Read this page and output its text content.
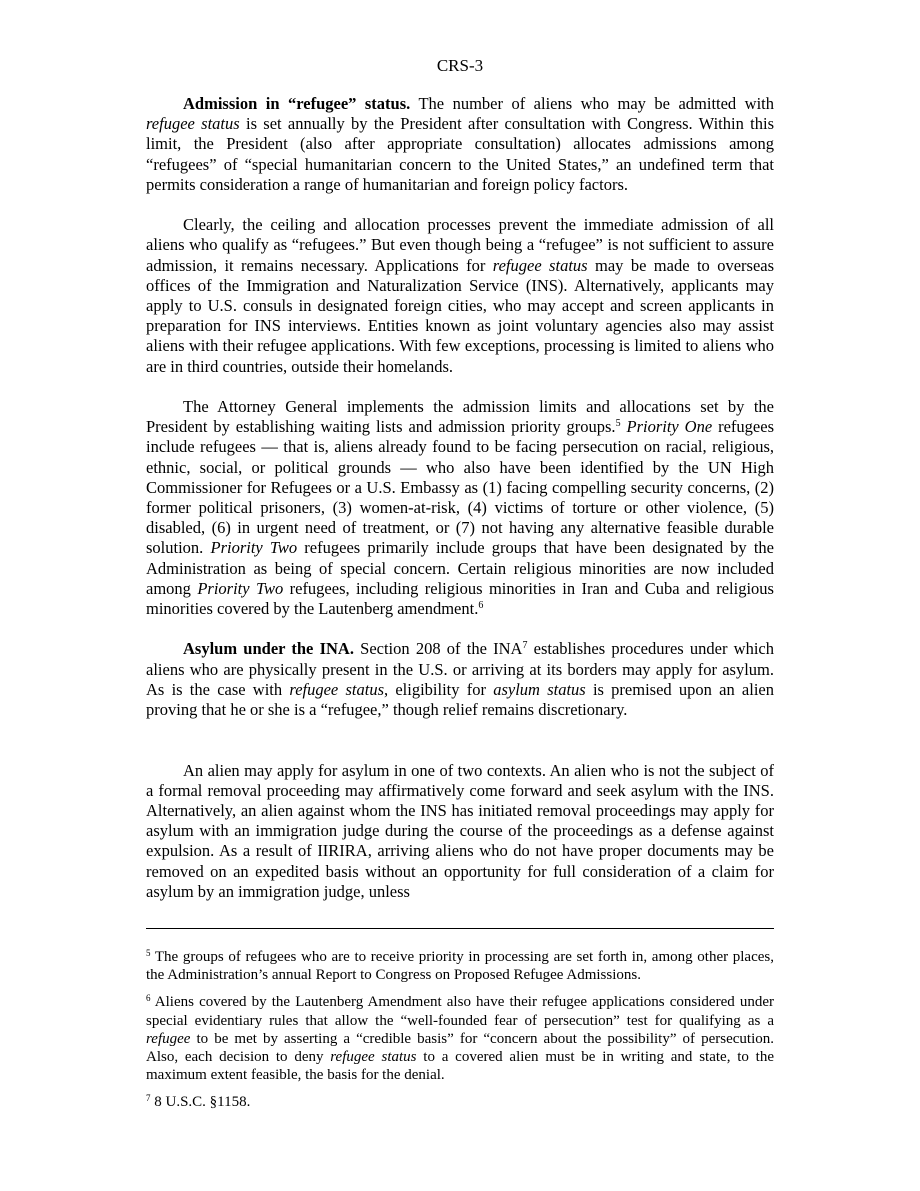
CRS-3

Admission in “refugee” status. The number of aliens who may be admitted with refugee status is set annually by the President after consultation with Congress. Within this limit, the President (also after appropriate consultation) allocates admissions among “refugees” of “special humanitarian concern to the United States,” an undefined term that permits consideration a range of humanitarian and foreign policy factors.

Clearly, the ceiling and allocation processes prevent the immediate admission of all aliens who qualify as “refugees.” But even though being a “refugee” is not sufficient to assure admission, it remains necessary. Applications for refugee status may be made to overseas offices of the Immigration and Naturalization Service (INS). Alternatively, applicants may apply to U.S. consuls in designated foreign cities, who may accept and screen applicants in preparation for INS interviews. Entities known as joint voluntary agencies also may assist aliens with their refugee applications. With few exceptions, processing is limited to aliens who are in third countries, outside their homelands.

The Attorney General implements the admission limits and allocations set by the President by establishing waiting lists and admission priority groups.$^5$ Priority One refugees include refugees — that is, aliens already found to be facing persecution on racial, religious, ethnic, social, or political grounds — who also have been identified by the UN High Commissioner for Refugees or a U.S. Embassy as (1) facing compelling security concerns, (2) former political prisoners, (3) women-at-risk, (4) victims of torture or other violence, (5) disabled, (6) in urgent need of treatment, or (7) not having any alternative feasible durable solution. Priority Two refugees primarily include groups that have been designated by the Administration as being of special concern. Certain religious minorities are now included among Priority Two refugees, including religious minorities in Iran and Cuba and religious minorities covered by the Lautenberg amendment.$^6$

Asylum under the INA. Section 208 of the INA$^7$ establishes procedures under which aliens who are physically present in the U.S. or arriving at its borders may apply for asylum. As is the case with refugee status, eligibility for asylum status is premised upon an alien proving that he or she is a “refugee,” though relief remains discretionary.

An alien may apply for asylum in one of two contexts. An alien who is not the subject of a formal removal proceeding may affirmatively come forward and seek asylum with the INS. Alternatively, an alien against whom the INS has initiated removal proceedings may apply for asylum with an immigration judge during the course of the proceedings as a defense against expulsion. As a result of IIRIRA, arriving aliens who do not have proper documents may be removed on an expedited basis without an opportunity for full consideration of a claim for asylum by an immigration judge, unless

$^5$ The groups of refugees who are to receive priority in processing are set forth in, among other places, the Administration’s annual Report to Congress on Proposed Refugee Admissions.

$^6$ Aliens covered by the Lautenberg Amendment also have their refugee applications considered under special evidentiary rules that allow the “well-founded fear of persecution” test for qualifying as a refugee to be met by asserting a “credible basis” for “concern about the possibility” of persecution. Also, each decision to deny refugee status to a covered alien must be in writing and state, to the maximum extent feasible, the basis for the denial.

$^7$ 8 U.S.C. §1158.
